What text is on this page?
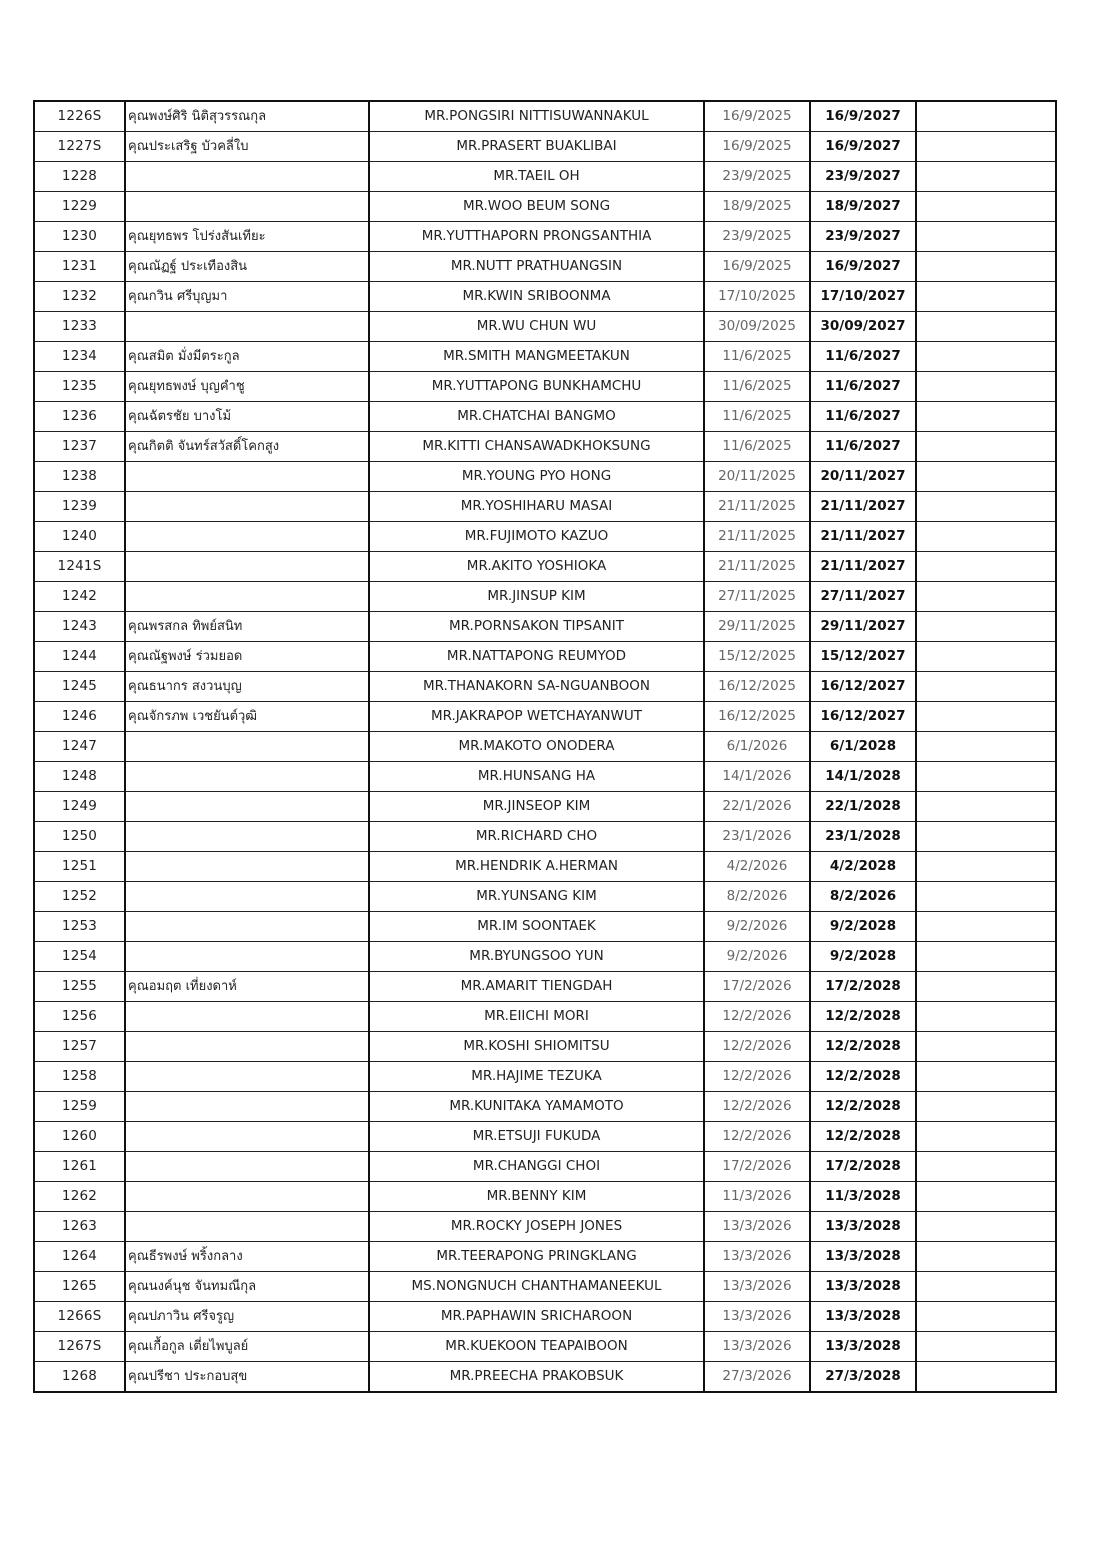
1226S	คุณพงษ์ศิริ นิติสุวรรณกุล	MR.PONGSIRI NITTISUWANNAKUL	16/9/2025	16/9/2027	
1227S	คุณประเสริฐ บัวคลี่ใบ	MR.PRASERT BUAKLIBAI	16/9/2025	16/9/2027	
1228		MR.TAEIL OH	23/9/2025	23/9/2027	
1229		MR.WOO BEUM SONG	18/9/2025	18/9/2027	
1230	คุณยุทธพร โปร่งสันเทียะ	MR.YUTTHAPORN PRONGSANTHIA	23/9/2025	23/9/2027	
1231	คุณณัฏฐ์ ประเทืองสิน	MR.NUTT PRATHUANGSIN	16/9/2025	16/9/2027	
1232	คุณกวิน ศรีบุญมา	MR.KWIN SRIBOONMA	17/10/2025	17/10/2027	
1233		MR.WU CHUN WU	30/09/2025	30/09/2027	
1234	คุณสมิต มั่งมีตระกูล	MR.SMITH MANGMEETAKUN	11/6/2025	11/6/2027	
1235	คุณยุทธพงษ์ บุญคำชู	MR.YUTTAPONG BUNKHAMCHU	11/6/2025	11/6/2027	
1236	คุณฉัตรชัย บางโม้	MR.CHATCHAI BANGMO	11/6/2025	11/6/2027	
1237	คุณกิตติ จันทร์สวัสดิ์โคกสูง	MR.KITTI CHANSAWADKHOKSUNG	11/6/2025	11/6/2027	
1238		MR.YOUNG PYO HONG	20/11/2025	20/11/2027	
1239		MR.YOSHIHARU MASAI	21/11/2025	21/11/2027	
1240		MR.FUJIMOTO KAZUO	21/11/2025	21/11/2027	
1241S		MR.AKITO YOSHIOKA	21/11/2025	21/11/2027	
1242		MR.JINSUP KIM	27/11/2025	27/11/2027	
1243	คุณพรสกล ทิพย์สนิท	MR.PORNSAKON TIPSANIT	29/11/2025	29/11/2027	
1244	คุณณัฐพงษ์ ร่วมยอด	MR.NATTAPONG REUMYOD	15/12/2025	15/12/2027	
1245	คุณธนากร สงวนบุญ	MR.THANAKORN SA-NGUANBOON	16/12/2025	16/12/2027	
1246	คุณจักรภพ เวชยันต์วุฒิ	MR.JAKRAPOP WETCHAYANWUT	16/12/2025	16/12/2027	
1247		MR.MAKOTO ONODERA	6/1/2026	6/1/2028	
1248		MR.HUNSANG HA	14/1/2026	14/1/2028	
1249		MR.JINSEOP KIM	22/1/2026	22/1/2028	
1250		MR.RICHARD CHO	23/1/2026	23/1/2028	
1251		MR.HENDRIK A.HERMAN	4/2/2026	4/2/2028	
1252		MR.YUNSANG KIM	8/2/2026	8/2/2026	
1253		MR.IM SOONTAEK	9/2/2026	9/2/2028	
1254		MR.BYUNGSOO YUN	9/2/2026	9/2/2028	
1255	คุณอมฤต เที่ยงดาห์	MR.AMARIT TIENGDAH	17/2/2026	17/2/2028	
1256		MR.EIICHI MORI	12/2/2026	12/2/2028	
1257		MR.KOSHI SHIOMITSU	12/2/2026	12/2/2028	
1258		MR.HAJIME TEZUKA	12/2/2026	12/2/2028	
1259		MR.KUNITAKA YAMAMOTO	12/2/2026	12/2/2028	
1260		MR.ETSUJI FUKUDA	12/2/2026	12/2/2028	
1261		MR.CHANGGI CHOI	17/2/2026	17/2/2028	
1262		MR.BENNY KIM	11/3/2026	11/3/2028	
1263		MR.ROCKY JOSEPH JONES	13/3/2026	13/3/2028	
1264	คุณธีรพงษ์ พริ้งกลาง	MR.TEERAPONG PRINGKLANG	13/3/2026	13/3/2028	
1265	คุณนงค์นุช จันทมณีกุล	MS.NONGNUCH CHANTHAMANEEKUL	13/3/2026	13/3/2028	
1266S	คุณปภาวิน ศรีจรูญ	MR.PAPHAWIN SRICHAROON	13/3/2026	13/3/2028	
1267S	คุณเกื้อกูล เตี่ยไพบูลย์	MR.KUEKOON TEAPAIBOON	13/3/2026	13/3/2028	
1268	คุณปรีชา ประกอบสุข	MR.PREECHA PRAKOBSUK	27/3/2026	27/3/2028	
